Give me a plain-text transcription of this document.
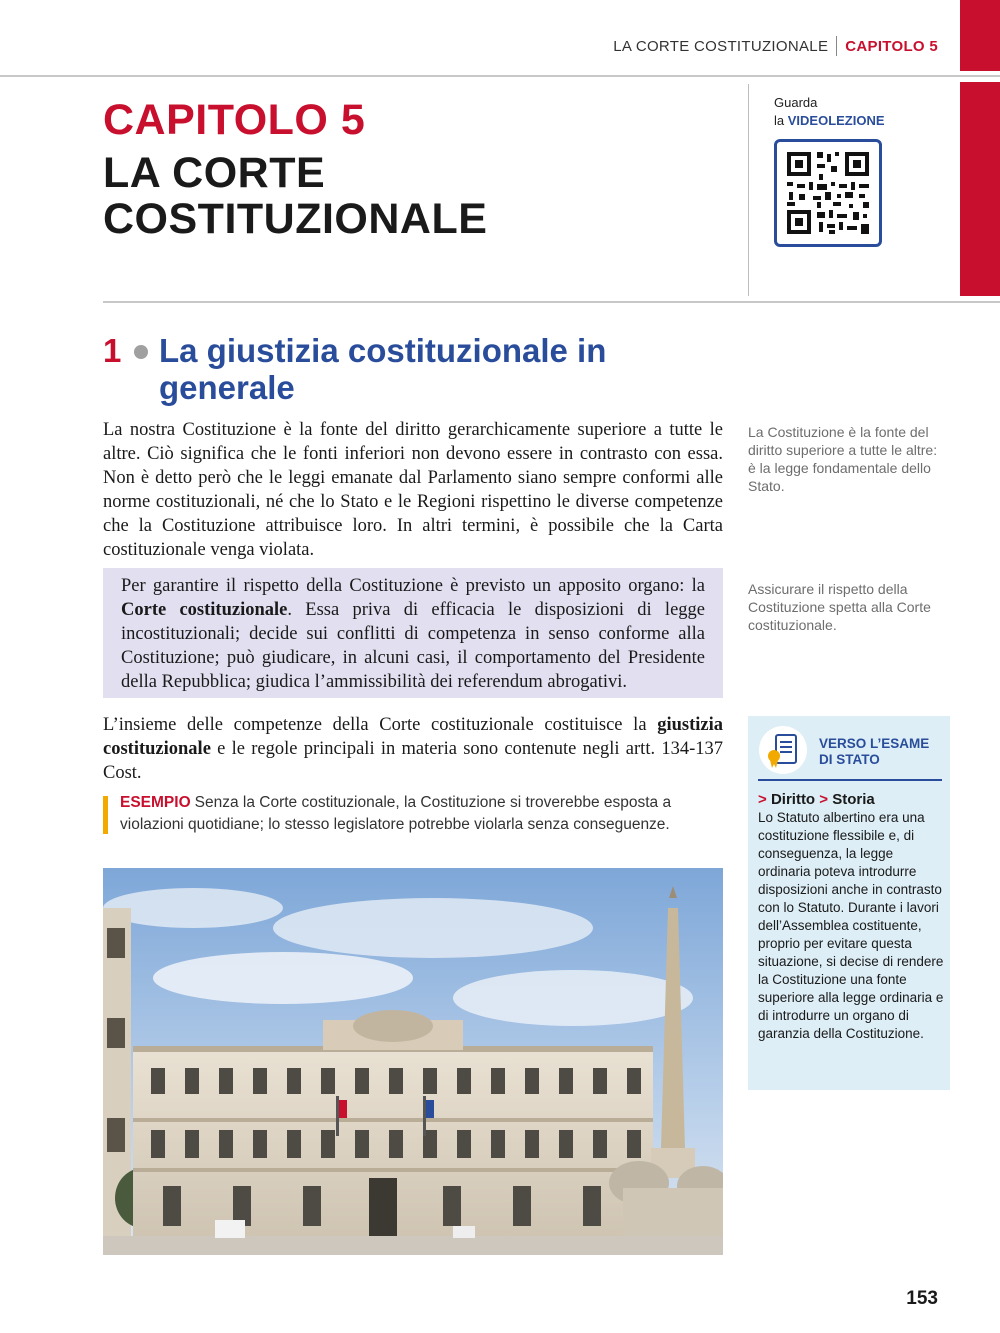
LA CORTE COSTITUZIONALE CAPITOLO 5
CAPITOLO 5
LA CORTE
COSTITUZIONALE
Guarda
la VIDEOLEZIONE
1 La giustizia costituzionale in generale

La nostra Costituzione è la fonte del diritto gerarchicamente superiore a tutte le altre. Ciò significa che le fonti inferiori non devono essere in contrasto con essa. Non è detto però che le leggi emanate dal Parlamento siano sempre conformi alle norme costituzionali, né che lo Stato e le Regioni rispettino le diverse competenze che la Costituzione attribuisce loro. In altri termini, è possibile che la Carta costituzionale venga violata.

La Costituzione è la fonte del diritto superiore a tutte le altre: è la legge fondamentale dello Stato.

Per garantire il rispetto della Costituzione è previsto un apposito organo: la Corte costituzionale. Essa priva di efficacia le disposizioni di legge incostituzionali; decide sui conflitti di competenza in senso conforme alla Costituzione; può giudicare, in alcuni casi, il comportamento del Presidente della Repubblica; giudica l’ammissibilità dei referendum abrogativi.

Assicurare il rispetto della Costituzione spetta alla Corte costituzionale.

L’insieme delle competenze della Corte costituzionale costituisce la giustizia costituzionale e le regole principali in materia sono contenute negli artt. 134-137 Cost.

ESEMPIO Senza la Corte costituzionale, la Costituzione si troverebbe esposta a violazioni quotidiane; lo stesso legislatore potrebbe violarla senza conseguenze.

VERSO L’ESAME
DI STATO
> Diritto > Storia

Lo Statuto albertino era una costituzione flessibile e, di conseguenza, la legge ordinaria poteva introdurre disposizioni anche in contrasto con lo Statuto. Durante i lavori dell’Assemblea costituente, proprio per evitare questa situazione, si decise di rendere la Costituzione una fonte superiore alla legge ordinaria e di introdurre un organo di garanzia della Costituzione.

153
